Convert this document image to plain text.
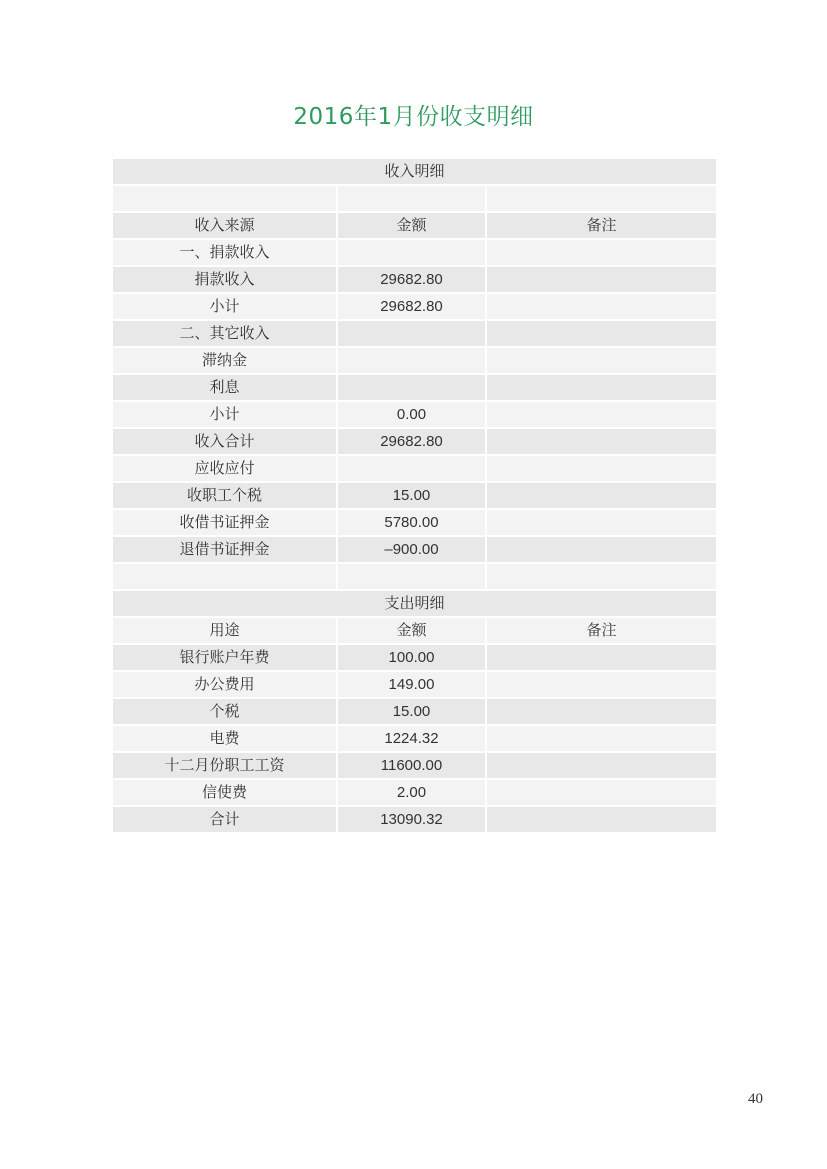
2016年1月份收支明细
收入明细		

收入来源	金额	备注
一、捐款收入		
捐款收入	29682.80	
小计	29682.80	
二、其它收入		
滞纳金		
利息		
小计	0.00	
收入合计	29682.80	
应收应付		
收职工个税	15.00	
收借书证押金	5780.00	
退借书证押金	–900.00	

支出明细		
用途	金额	备注
银行账户年费	100.00	
办公费用	149.00	
个税	15.00	
电费	1224.32	
十二月份职工工资	11600.00	
信使费	2.00	
合计	13090.32	
40
